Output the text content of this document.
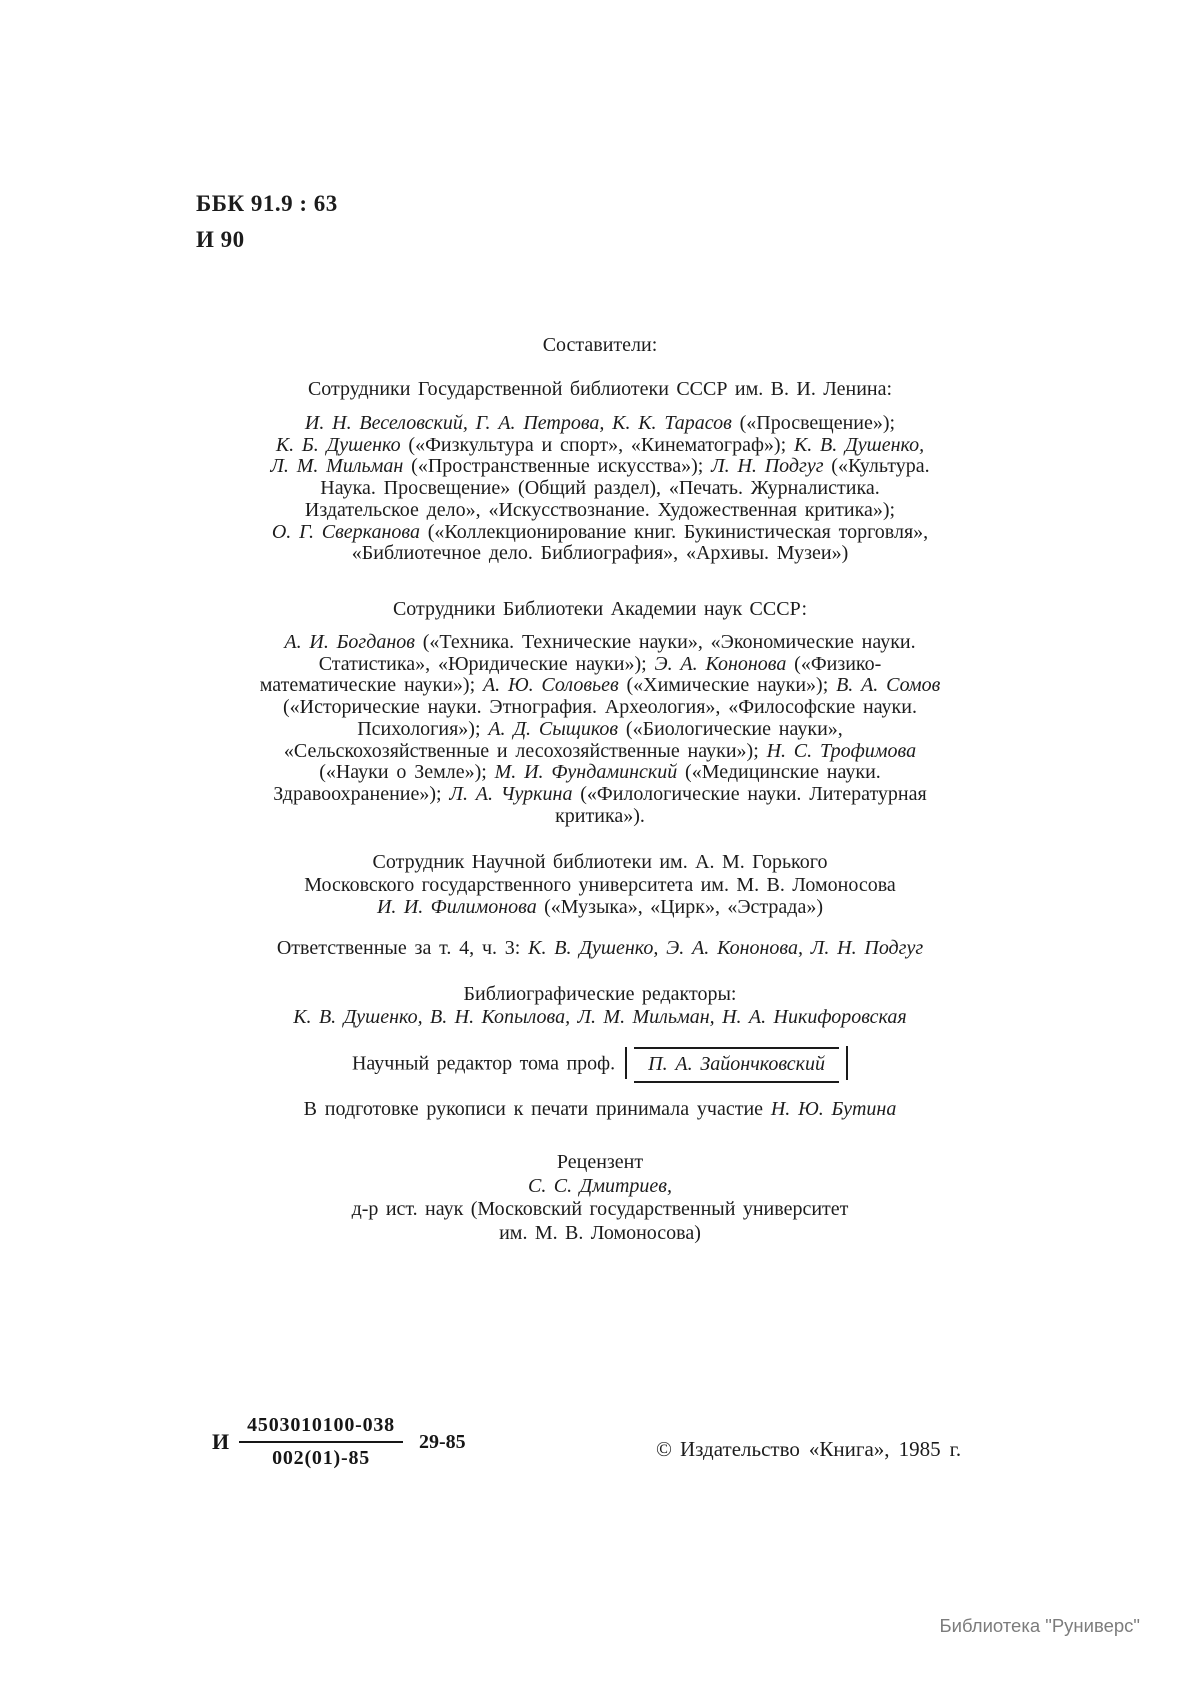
ББК 91.9 : 63
И 90
Составители:
Сотрудники Государственной библиотеки СССР им. В. И. Ленина:
И. Н. Веселовский, Г. А. Петрова, К. К. Тарасов («Просвещение»);
К. Б. Душенко («Физкультура и спорт», «Кинематограф»); К. В. Душенко,
Л. М. Мильман («Пространственные искусства»); Л. Н. Подгуг («Культура.
Наука. Просвещение» (Общий раздел), «Печать. Журналистика.
Издательское дело», «Искусствознание. Художественная критика»);
О. Г. Сверканова («Коллекционирование книг. Букинистическая торговля»,
«Библиотечное дело. Библиография», «Архивы. Музеи»)
Сотрудники Библиотеки Академии наук СССР:
А. И. Богданов («Техника. Технические науки», «Экономические науки.
Статистика», «Юридические науки»); Э. А. Кононова («Физико-
математические науки»); А. Ю. Соловьев («Химические науки»); В. А. Сомов
(«Исторические науки. Этнография. Археология», «Философские науки.
Психология»); А. Д. Сыщиков («Биологические науки»,
«Сельскохозяйственные и лесохозяйственные науки»); Н. С. Трофимова
(«Науки о Земле»); М. И. Фундаминский («Медицинские науки.
Здравоохранение»); Л. А. Чуркина («Филологические науки. Литературная
критика»).
Сотрудник Научной библиотеки им. А. М. Горького
Московского государственного университета им. М. В. Ломоносова
И. И. Филимонова («Музыка», «Цирк», «Эстрада»)
Ответственные за т. 4, ч. 3: К. В. Душенко, Э. А. Кононова, Л. Н. Подгуг
Библиографические редакторы:
К. В. Душенко, В. Н. Копылова, Л. М. Мильман, Н. А. Никифоровская
Научный редактор тома проф. П. А. Зайончковский
В подготовке рукописи к печати принимала участие Н. Ю. Бутина
Рецензент
С. С. Дмитриев,
д-р ист. наук (Московский государственный университет
им. М. В. Ломоносова)
И $\frac{4503010100-038}{002(01)-85} 29-85$	© Издательство «Книга», 1985 г.
Библиотека "Руниверс"
